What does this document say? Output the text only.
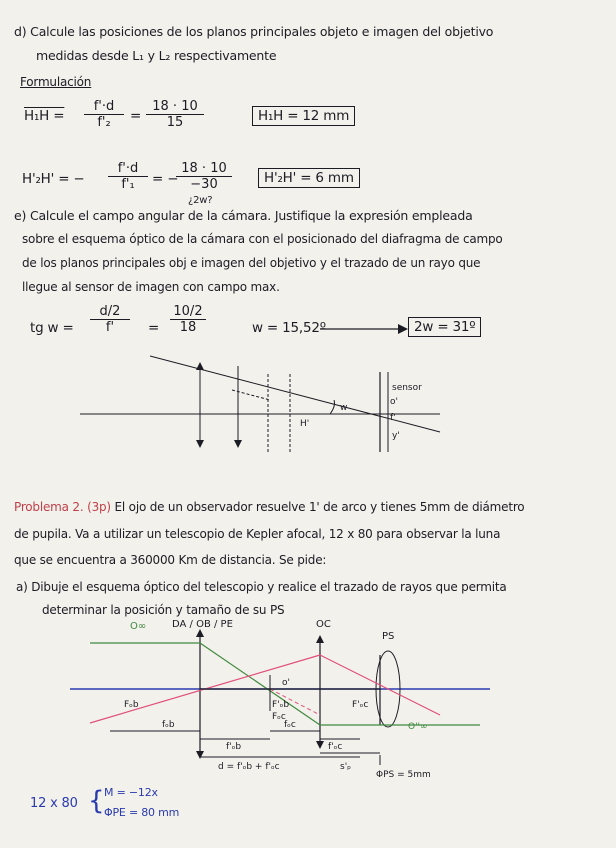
d) Calcule las posiciones de los planos principales objeto e imagen del objetivo
medidas desde L₁ y L₂ respectivamente
Formulación
$H_1H = \frac{f'\cdot d}{\text{f'₂}} = \frac{18 \cdot 10}{15}$	H₁H = 12 mm
H'₂H' = − $\frac{f'\cdot d}{\text{f'₁}}$ = −
$\frac{18 \cdot 10}{-30}$	H'₂H' = 6 mm
¿2w?
e) Calcule el campo angular de la cámara. Justifique la expresión empleada
sobre el esquema óptico de la cámara con el posicionado del diafragma de campo
de los planos principales obj e imagen del objetivo y el trazado de un rayo que
llegue al sensor de imagen con campo max.
tg $w = \frac{d/2}{f'} = \frac{10/2}{18}$	w = 15,52º	2w = 31º
sensor
o'
f'
y'
H'
w
Problema 2. (3p) El ojo de un observador resuelve 1' de arco y tienes 5mm de diámetro
de pupila. Va a utilizar un telescopio de Kepler afocal, 12 x 80 para observar la luna
que se encuentra a 360000 Km de distancia. Se pide:
a) Dibuje el esquema óptico del telescopio y realice el trazado de rayos que permita
determinar la posición y tamaño de su PS
O∞	DA / OB / PE	OC
PS
o'
Fₒb	F'ₒb
Fₒc
F'ₒc
O''∞
fₒb
f'ₒb
fₒc
f'ₒc
d = f'ₒb + f'ₒc	s'ₚ
ΦPS = 5mm
12 x 80 { M = −12x
ΦPE = 80 mm
